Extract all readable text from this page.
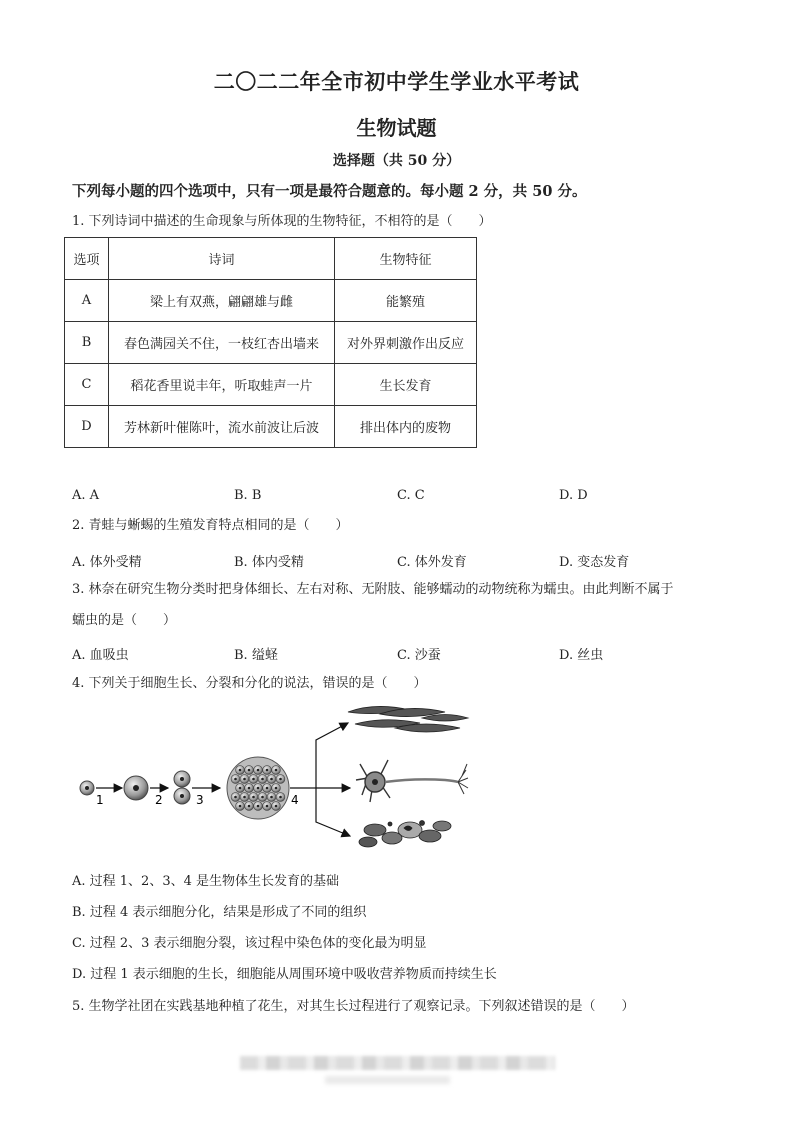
二〇二二年全市初中学生学业水平考试
生物试题
选择题（共 50 分）
下列每小题的四个选项中，只有一项是最符合题意的。每小题 2 分，共 50 分。
1. 下列诗词中描述的生命现象与所体现的生物特征，不相符的是（　　）
选项	诗词	生物特征
A	梁上有双燕，翩翩雄与雌	能繁殖
B	春色满园关不住，一枝红杏出墙来	对外界刺激作出反应
C	稻花香里说丰年，听取蛙声一片	生长发育
D	芳林新叶催陈叶，流水前波让后波	排出体内的废物
A. A	B. B	C. C	D. D
2. 青蛙与蜥蜴的生殖发育特点相同的是（　　）
A. 体外受精	B. 体内受精	C. 体外发育	D. 变态发育
3. 林奈在研究生物分类时把身体细长、左右对称、无附肢、能够蠕动的动物统称为蠕虫。由此判断不属于
蠕虫的是（　　）
A. 血吸虫	B. 缢蛏	C. 沙蚕	D. 丝虫
4. 下列关于细胞生长、分裂和分化的说法，错误的是（　　）
1	2	3	4
A. 过程 1、2、3、4 是生物体生长发育的基础
B. 过程 4 表示细胞分化，结果是形成了不同的组织
C. 过程 2、3 表示细胞分裂，该过程中染色体的变化最为明显
D. 过程 1 表示细胞的生长，细胞能从周围环境中吸收营养物质而持续生长
5. 生物学社团在实践基地种植了花生，对其生长过程进行了观察记录。下列叙述错误的是（　　）
